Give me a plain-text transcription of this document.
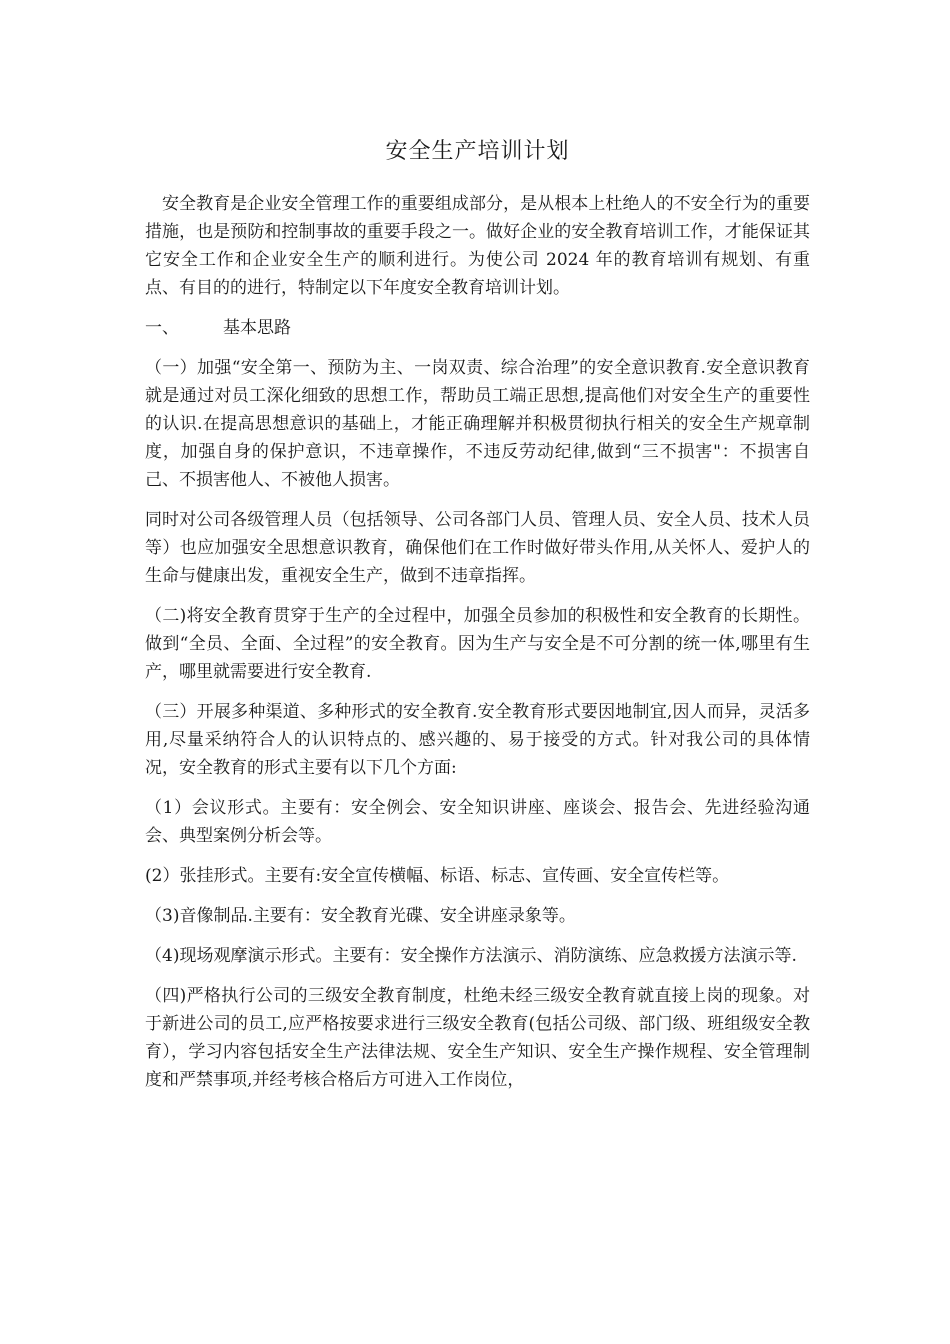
安全生产培训计划

安全教育是企业安全管理工作的重要组成部分，是从根本上杜绝人的不安全行为的重要措施，也是预防和控制事故的重要手段之一。做好企业的安全教育培训工作，才能保证其它安全工作和企业安全生产的顺利进行。为使公司 2024 年的教育培训有规划、有重点、有目的的进行，特制定以下年度安全教育培训计划。

一、	基本思路

（一）加强“安全第一、预防为主、一岗双责、综合治理”的安全意识教育.安全意识教育就是通过对员工深化细致的思想工作，帮助员工端正思想,提高他们对安全生产的重要性的认识.在提高思想意识的基础上，才能正确理解并积极贯彻执行相关的安全生产规章制度，加强自身的保护意识，不违章操作，不违反劳动纪律,做到“三不损害"：不损害自己、不损害他人、不被他人损害。

同时对公司各级管理人员（包括领导、公司各部门人员、管理人员、安全人员、技术人员等）也应加强安全思想意识教育，确保他们在工作时做好带头作用,从关怀人、爱护人的生命与健康出发，重视安全生产，做到不违章指挥。

（二)将安全教育贯穿于生产的全过程中，加强全员参加的积极性和安全教育的长期性。做到“全员、全面、全过程”的安全教育。因为生产与安全是不可分割的统一体,哪里有生产，哪里就需要进行安全教育.

（三）开展多种渠道、多种形式的安全教育.安全教育形式要因地制宜,因人而异，灵活多用,尽量采纳符合人的认识特点的、感兴趣的、易于接受的方式。针对我公司的具体情况，安全教育的形式主要有以下几个方面:

（1）会议形式。主要有：安全例会、安全知识讲座、座谈会、报告会、先进经验沟通会、典型案例分析会等。

(2）张挂形式。主要有:安全宣传横幅、标语、标志、宣传画、安全宣传栏等。

（3)音像制品.主要有：安全教育光碟、安全讲座录象等。

（4)现场观摩演示形式。主要有：安全操作方法演示、消防演练、应急救援方法演示等.

（四)严格执行公司的三级安全教育制度，杜绝未经三级安全教育就直接上岗的现象。对于新进公司的员工,应严格按要求进行三级安全教育(包括公司级、部门级、班组级安全教育），学习内容包括安全生产法律法规、安全生产知识、安全生产操作规程、安全管理制度和严禁事项,并经考核合格后方可进入工作岗位，
